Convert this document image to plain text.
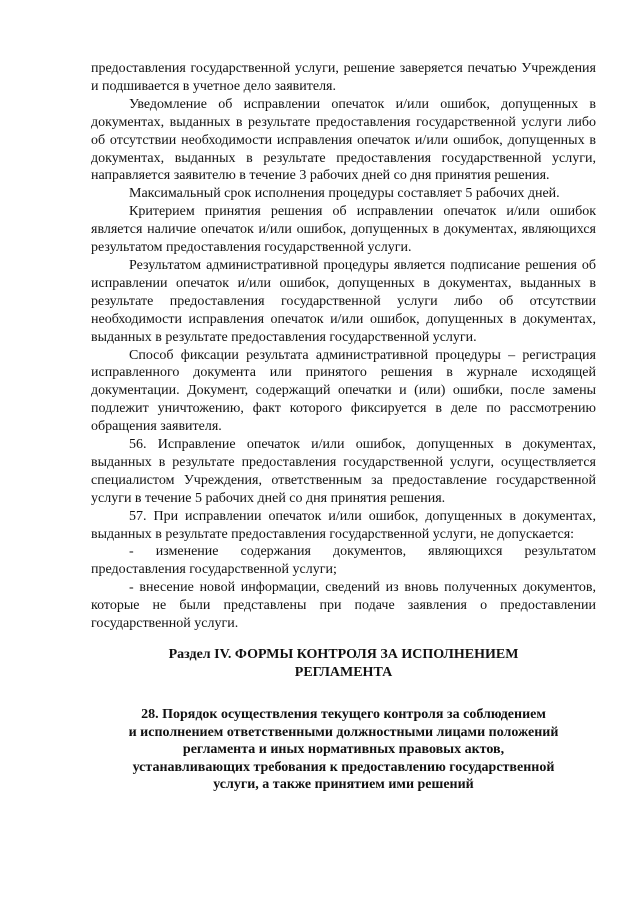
предоставления государственной услуги, решение заверяется печатью Учреждения и подшивается в учетное дело заявителя.

Уведомление об исправлении опечаток и/или ошибок, допущенных в документах, выданных в результате предоставления государственной услуги либо об отсутствии необходимости исправления опечаток и/или ошибок, допущенных в документах, выданных в результате предоставления государственной услуги, направляется заявителю в течение 3 рабочих дней со дня принятия решения.

Максимальный срок исполнения процедуры составляет 5 рабочих дней.

Критерием принятия решения об исправлении опечаток и/или ошибок является наличие опечаток и/или ошибок, допущенных в документах, являющихся результатом предоставления государственной услуги.

Результатом административной процедуры является подписание решения об исправлении опечаток и/или ошибок, допущенных в документах, выданных в результате предоставления государственной услуги либо об отсутствии необходимости исправления опечаток и/или ошибок, допущенных в документах, выданных в результате предоставления государственной услуги.

Способ фиксации результата административной процедуры – регистрация исправленного документа или принятого решения в журнале исходящей документации. Документ, содержащий опечатки и (или) ошибки, после замены подлежит уничтожению, факт которого фиксируется в деле по рассмотрению обращения заявителя.

56. Исправление опечаток и/или ошибок, допущенных в документах, выданных в результате предоставления государственной услуги, осуществляется специалистом Учреждения, ответственным за предоставление государственной услуги в течение 5 рабочих дней со дня принятия решения.

57. При исправлении опечаток и/или ошибок, допущенных в документах, выданных в результате предоставления государственной услуги, не допускается:

- изменение содержания документов, являющихся результатом предоставления государственной услуги;

- внесение новой информации, сведений из вновь полученных документов, которые не были представлены при подаче заявления о предоставлении государственной услуги.

Раздел IV. ФОРМЫ КОНТРОЛЯ ЗА ИСПОЛНЕНИЕМ
РЕГЛАМЕНТА
28. Порядок осуществления текущего контроля за соблюдением
и исполнением ответственными должностными лицами положений
регламента и иных нормативных правовых актов,
устанавливающих требования к предоставлению государственной
услуги, а также принятием ими решений
